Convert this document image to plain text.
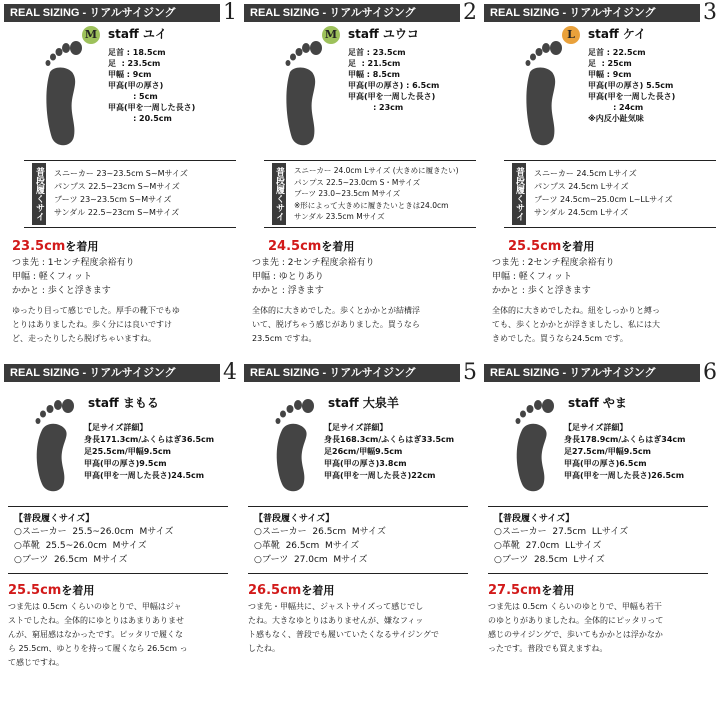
REAL SIZING - リアルサイジング	1
M staff ユイ
足首 : 18.5cm
足  : 23.5cm
甲幅 : 9cm
甲高(甲の厚さ)
: 5cm
甲高(甲を一周した長さ)
: 20.5cm
普段履くサイズ
スニーカー 23~23.5cm S~Mサイズ
パンプス 22.5~23cm S~Mサイズ
ブーツ 23~23.5cm S~Mサイズ
サンダル 22.5~23cm S~Mサイズ
23.5cmを着用
つま先 : 1センチ程度余裕有り
甲幅 : 軽くフィット
かかと : 歩くと浮きます
ゆったり目って感じでした。厚手の靴下でもゆ
とりはありましたね。歩く分には良いですけ
ど、走ったりしたら脱げちゃいますね。
REAL SIZING - リアルサイジング	2
M staff ユウコ
足首 : 23.5cm
足  : 21.5cm
甲幅 : 8.5cm
甲高(甲の厚さ) : 6.5cm
甲高(甲を一周した長さ)
: 23cm
普段履くサイズ
スニーカー 24.0cm Lサイズ (大きめに履きたい)
パンプス 22.5~23.0cm S・Mサイズ
ブーツ 23.0~23.5cm Mサイズ
※形によって大きめに履きたいときは24.0cm
サンダル 23.5cm Mサイズ
24.5cmを着用
つま先 : 2センチ程度余裕有り
甲幅 : ゆとりあり
かかと : 浮きます
全体的に大きめでした。歩くとかかとが結構浮
いて、脱げちゃう感じがありました。買うなら
23.5cm ですね。
REAL SIZING - リアルサイジング	3
L	staff ケイ
足首 : 22.5cm
足  : 25cm
甲幅 : 9cm
甲高(甲の厚さ) 5.5cm
甲高(甲を一周した長さ)
: 24cm
※内反小趾気味
普段履くサイズ
スニーカー 24.5cm Lサイズ
パンプス 24.5cm Lサイズ
ブーツ 24.5cm~25.0cm L~LLサイズ
サンダル 24.5cm Lサイズ
25.5cmを着用
つま先 : 2センチ程度余裕有り
甲幅 : 軽くフィット
かかと : 歩くと浮きます
全体的に大きめでしたね。紐をしっかりと縛っ
ても、歩くとかかとが浮きましたし、私には大
きめでした。買うなら24.5cm です。
REAL SIZING - リアルサイジング	4
staff まもる
【足サイズ詳細】
身長171.3cm/ふくらはぎ36.5cm
足25.5cm/甲幅9.5cm
甲高(甲の厚さ)9.5cm
甲高(甲を一周した長さ)24.5cm
【普段履くサイズ】
○スニーカー  25.5~26.0cm  Mサイズ
○革靴  25.5~26.0cm  Mサイズ
○ブーツ  26.5cm  Mサイズ
25.5cmを着用
つま先は 0.5cm くらいのゆとりで、甲幅はジャ
ストでしたね。全体的にゆとりはあまりありませ
んが、窮屈感はなかったです。ピッタリで履くな
ら 25.5cm、ゆとりを持って履くなら 26.5cm っ
て感じですね。
REAL SIZING - リアルサイジング	5
staff 大泉羊
【足サイズ詳細】
身長168.3cm/ふくらはぎ33.5cm
足26cm/甲幅9.5cm
甲高(甲の厚さ)3.8cm
甲高(甲を一周した長さ)22cm
【普段履くサイズ】
○スニーカー  26.5cm  Mサイズ
○革靴  26.5cm  Mサイズ
○ブーツ  27.0cm  Mサイズ
26.5cmを着用
つま先・甲幅共に、ジャストサイズって感じでし
たね。大きなゆとりはありませんが、嫌なフィッ
ト感もなく、普段でも履いていたくなるサイジングで
したね。
REAL SIZING - リアルサイジング	6
staff やま
【足サイズ詳細】
身長178.9cm/ふくらはぎ34cm
足27.5cm/甲幅9.5cm
甲高(甲の厚さ)6.5cm
甲高(甲を一周した長さ)26.5cm
【普段履くサイズ】
○スニーカー  27.5cm  LLサイズ
○革靴  27.0cm  LLサイズ
○ブーツ  28.5cm  Lサイズ
27.5cmを着用
つま先は 0.5cm くらいのゆとりで、甲幅も若干
のゆとりがありましたね。全体的にピッタリって
感じのサイジングで、歩いてもかかとは浮かなか
ったです。普段でも買えますね。
